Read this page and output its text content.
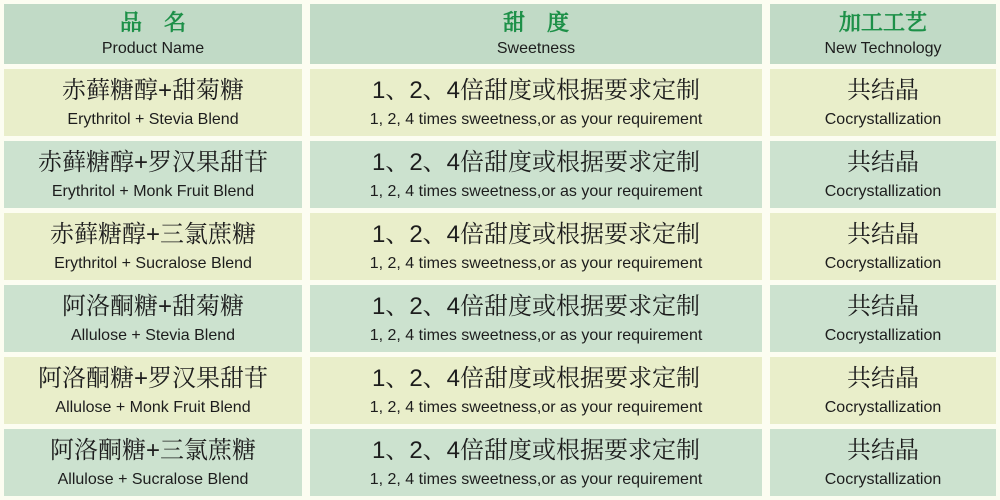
品　名
Product Name
甜　度
Sweetness
加工工艺
New Technology
赤藓糖醇+甜菊糖
Erythritol + Stevia Blend
1、2、4倍甜度或根据要求定制
1, 2, 4 times sweetness,or as your requirement
共结晶
Cocrystallization
赤藓糖醇+罗汉果甜苷
Erythritol + Monk Fruit Blend
1、2、4倍甜度或根据要求定制
1, 2, 4 times sweetness,or as your requirement
共结晶
Cocrystallization
赤藓糖醇+三氯蔗糖
Erythritol + Sucralose Blend
1、2、4倍甜度或根据要求定制
1, 2, 4 times sweetness,or as your requirement
共结晶
Cocrystallization
阿洛酮糖+甜菊糖
Allulose + Stevia Blend
1、2、4倍甜度或根据要求定制
1, 2, 4 times sweetness,or as your requirement
共结晶
Cocrystallization
阿洛酮糖+罗汉果甜苷
Allulose + Monk Fruit Blend
1、2、4倍甜度或根据要求定制
1, 2, 4 times sweetness,or as your requirement
共结晶
Cocrystallization
阿洛酮糖+三氯蔗糖
Allulose + Sucralose Blend
1、2、4倍甜度或根据要求定制
1, 2, 4 times sweetness,or as your requirement
共结晶
Cocrystallization
